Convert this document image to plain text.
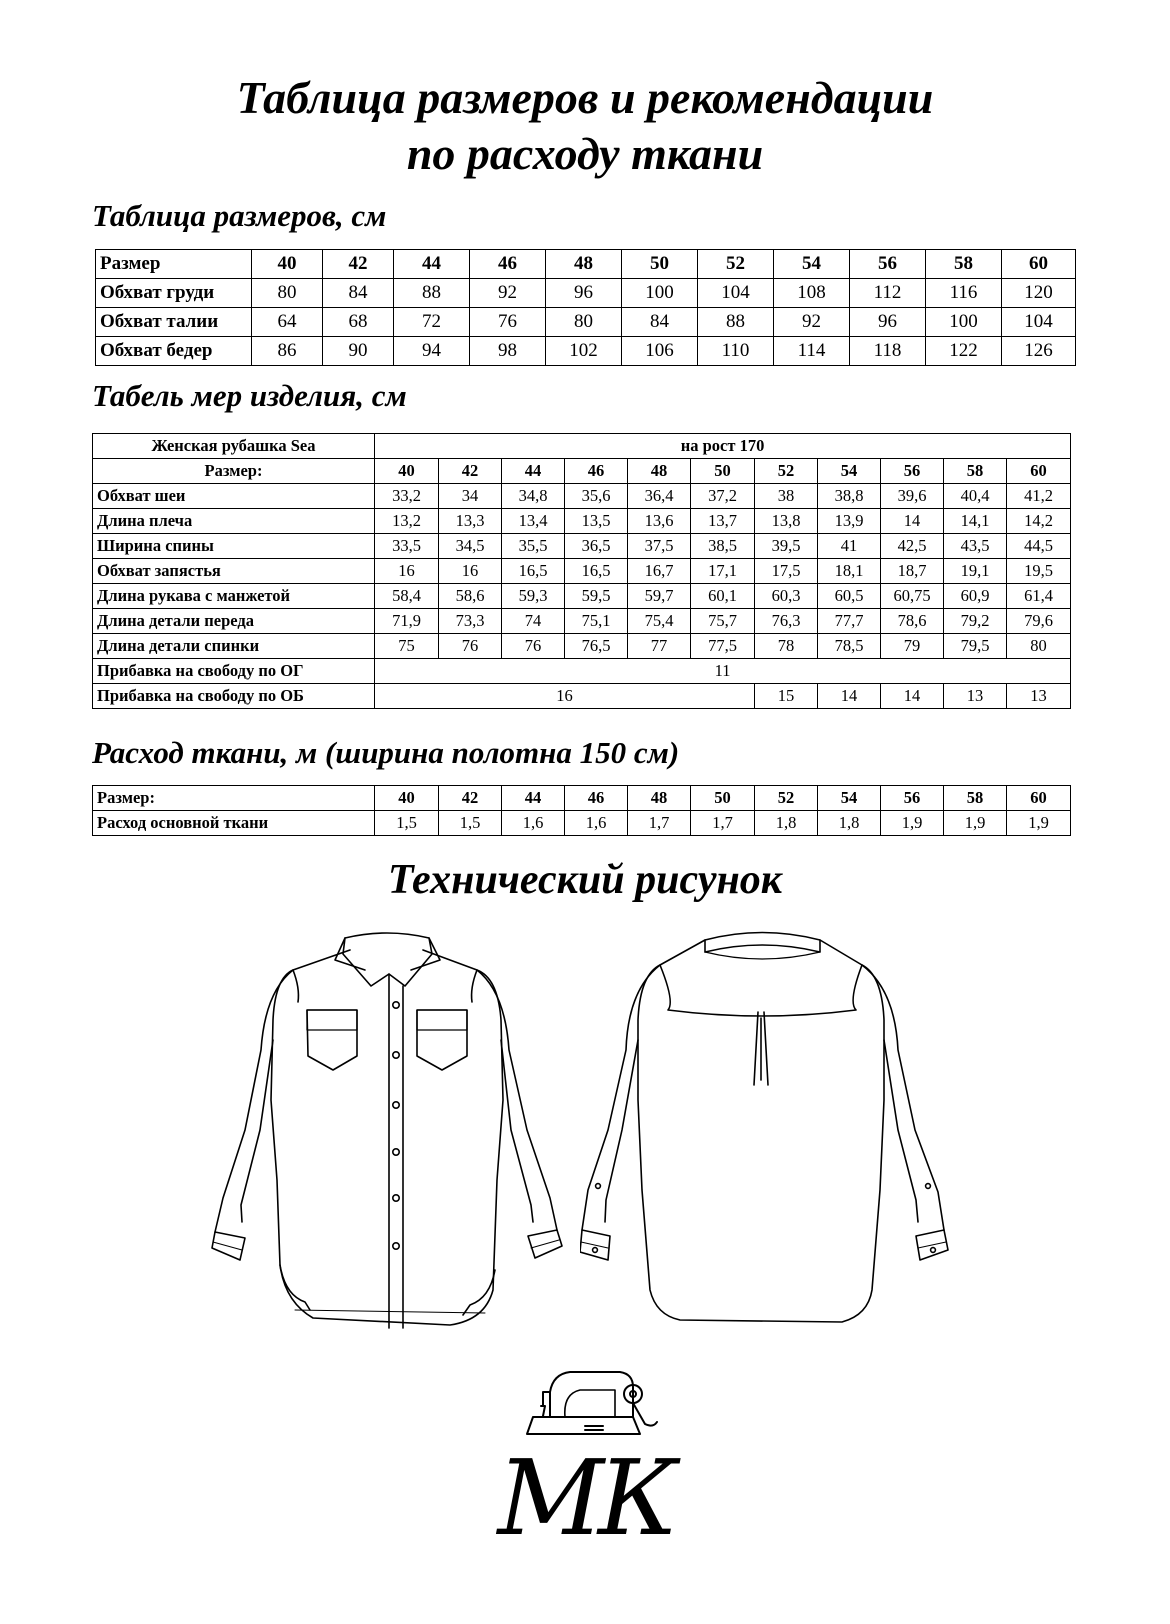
Таблица размеров и рекомендации
по расходу ткани
Таблица размеров, см
Размер	40	42	44	46	48	50	52	54	56	58	60
Обхват груди	80	84	88	92	96	100	104	108	112	116	120
Обхват талии	64	68	72	76	80	84	88	92	96	100	104
Обхват бедер	86	90	94	98	102	106	110	114	118	122	126
Табель мер изделия, см
Женская рубашка Sea	на рост 170										
Размер:	40	42	44	46	48	50	52	54	56	58	60
Обхват шеи	33,2	34	34,8	35,6	36,4	37,2	38	38,8	39,6	40,4	41,2
Длина плеча	13,2	13,3	13,4	13,5	13,6	13,7	13,8	13,9	14	14,1	14,2
Ширина спины	33,5	34,5	35,5	36,5	37,5	38,5	39,5	41	42,5	43,5	44,5
Обхват запястья	16	16	16,5	16,5	16,7	17,1	17,5	18,1	18,7	19,1	19,5
Длина рукава с манжетой	58,4	58,6	59,3	59,5	59,7	60,1	60,3	60,5	60,75	60,9	61,4
Длина детали переда	71,9	73,3	74	75,1	75,4	75,7	76,3	77,7	78,6	79,2	79,6
Длина детали спинки	75	76	76	76,5	77	77,5	78	78,5	79	79,5	80
Прибавка на свободу по ОГ	11										
Прибавка на свободу по ОБ	16						15	14	14	13	13
Расход ткани, м (ширина полотна 150 см)
Размер:	40	42	44	46	48	50	52	54	56	58	60
Расход основной ткани	1,5	1,5	1,6	1,6	1,7	1,7	1,8	1,8	1,9	1,9	1,9
Технический рисунок
МК
